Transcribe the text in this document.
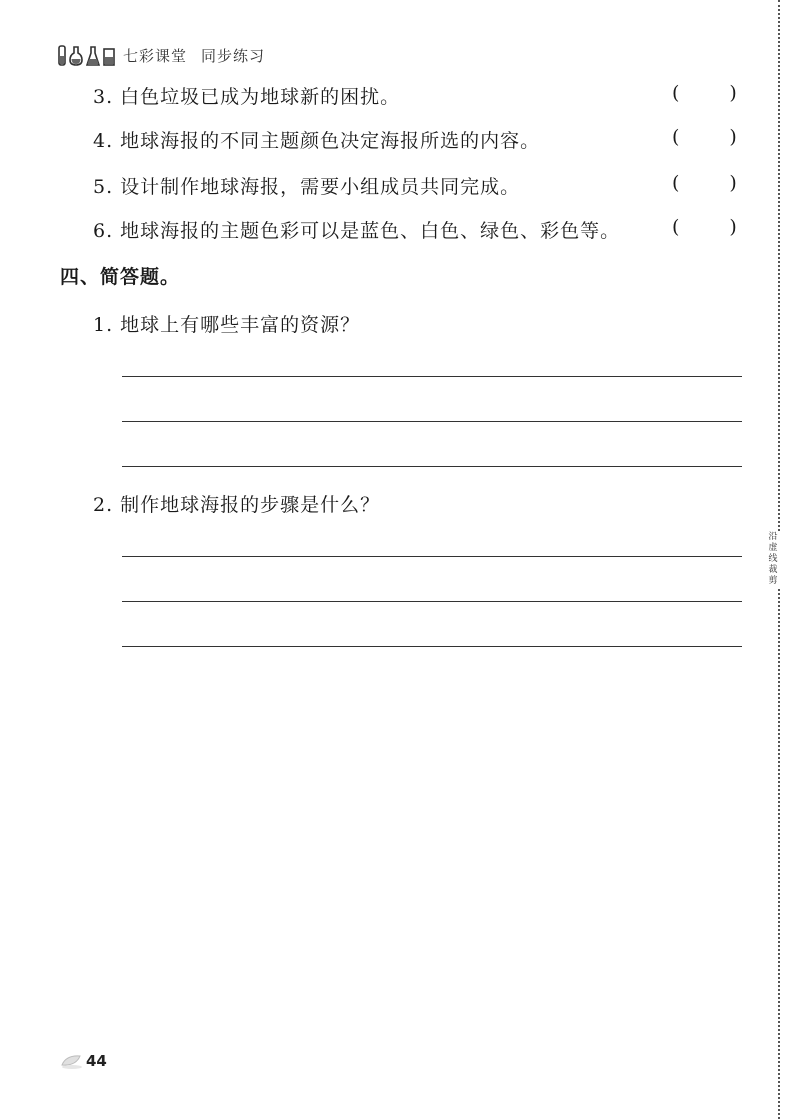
七彩课堂 同步练习
沿虚线裁剪
3. 白色垃圾已成为地球新的困扰。	(	)
4. 地球海报的不同主题颜色决定海报所选的内容。	(	)
5. 设计制作地球海报，需要小组成员共同完成。	(	)
6. 地球海报的主题色彩可以是蓝色、白色、绿色、彩色等。	(	)
四、简答题。
1. 地球上有哪些丰富的资源？
2. 制作地球海报的步骤是什么？
44
